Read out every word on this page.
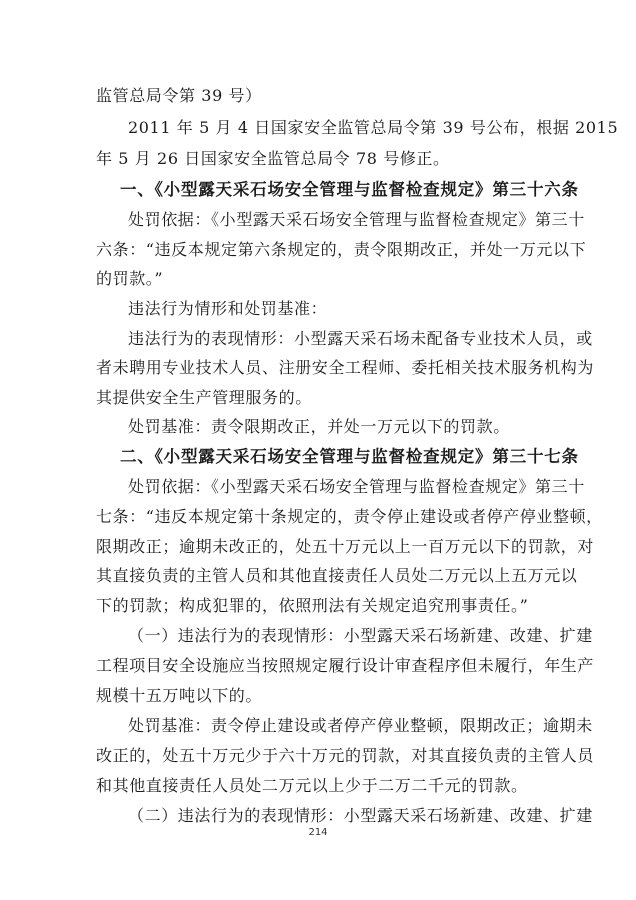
监管总局令第 39 号）
2011 年 5 月 4 日国家安全监管总局令第 39 号公布，根据 2015
年 5 月 26 日国家安全监管总局令 78 号修正。
一、《小型露天采石场安全管理与监督检查规定》第三十六条
处罚依据：《小型露天采石场安全管理与监督检查规定》第三十
六条：“违反本规定第六条规定的，责令限期改正，并处一万元以下
的罚款。”
违法行为情形和处罚基准：
违法行为的表现情形：小型露天采石场未配备专业技术人员，或
者未聘用专业技术人员、注册安全工程师、委托相关技术服务机构为
其提供安全生产管理服务的。
处罚基准：责令限期改正，并处一万元以下的罚款。
二、《小型露天采石场安全管理与监督检查规定》第三十七条
处罚依据：《小型露天采石场安全管理与监督检查规定》第三十
七条：“违反本规定第十条规定的，责令停止建设或者停产停业整顿，
限期改正；逾期未改正的，处五十万元以上一百万元以下的罚款，对
其直接负责的主管人员和其他直接责任人员处二万元以上五万元以
下的罚款；构成犯罪的，依照刑法有关规定追究刑事责任。”
（一）违法行为的表现情形：小型露天采石场新建、改建、扩建
工程项目安全设施应当按照规定履行设计审查程序但未履行，年生产
规模十五万吨以下的。
处罚基准：责令停止建设或者停产停业整顿，限期改正；逾期未
改正的，处五十万元少于六十万元的罚款，对其直接负责的主管人员
和其他直接责任人员处二万元以上少于二万二千元的罚款。
（二）违法行为的表现情形：小型露天采石场新建、改建、扩建
214
